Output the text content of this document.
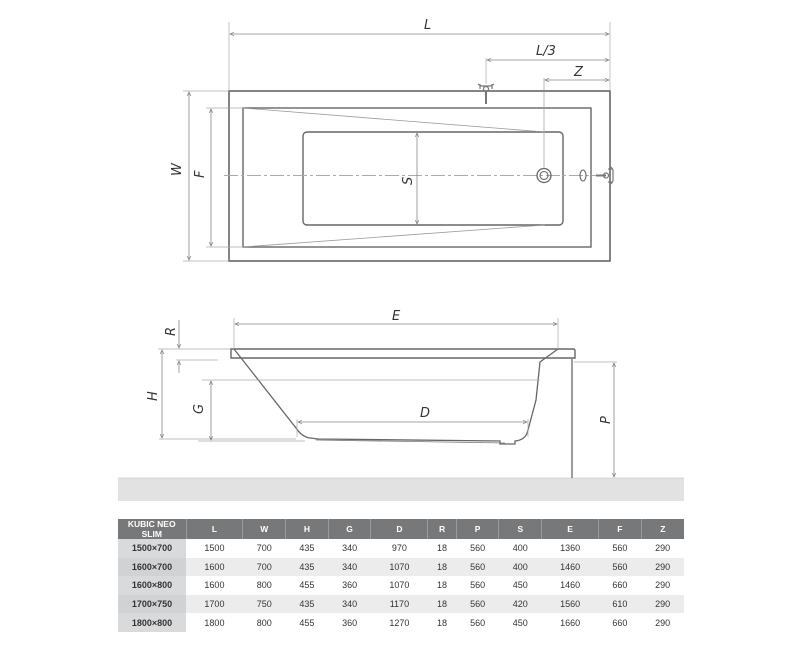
L
L/3
Z
W F
S
E
R
H
G	D	P
KUBIC NEO SLIM	L	W	H	G	D	R	P	S	E	F	Z
1500×700	1500	700	435	340	970	18	560	400	1360	560	290
1600×700	1600	700	435	340	1070	18	560	400	1460	560	290
1600×800	1600	800	455	360	1070	18	560	450	1460	660	290
1700×750	1700	750	435	340	1170	18	560	420	1560	610	290
1800×800	1800	800	455	360	1270	18	560	450	1660	660	290
